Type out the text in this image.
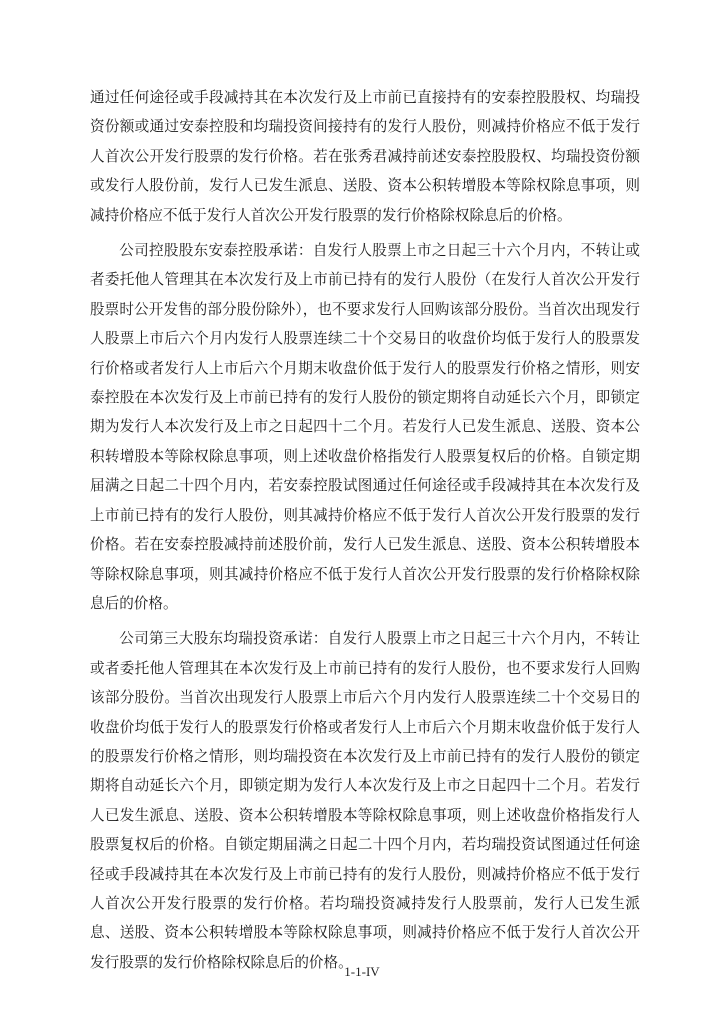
通过任何途径或手段减持其在本次发行及上市前已直接持有的安泰控股股权、均瑞投资份额或通过安泰控股和均瑞投资间接持有的发行人股份，则减持价格应不低于发行人首次公开发行股票的发行价格。若在张秀君减持前述安泰控股股权、均瑞投资份额或发行人股份前，发行人已发生派息、送股、资本公积转增股本等除权除息事项，则减持价格应不低于发行人首次公开发行股票的发行价格除权除息后的价格。

公司控股股东安泰控股承诺：自发行人股票上市之日起三十六个月内，不转让或者委托他人管理其在本次发行及上市前已持有的发行人股份（在发行人首次公开发行股票时公开发售的部分股份除外），也不要求发行人回购该部分股份。当首次出现发行人股票上市后六个月内发行人股票连续二十个交易日的收盘价均低于发行人的股票发行价格或者发行人上市后六个月期末收盘价低于发行人的股票发行价格之情形，则安泰控股在本次发行及上市前已持有的发行人股份的锁定期将自动延长六个月，即锁定期为发行人本次发行及上市之日起四十二个月。若发行人已发生派息、送股、资本公积转增股本等除权除息事项，则上述收盘价格指发行人股票复权后的价格。自锁定期届满之日起二十四个月内，若安泰控股试图通过任何途径或手段减持其在本次发行及上市前已持有的发行人股份，则其减持价格应不低于发行人首次公开发行股票的发行价格。若在安泰控股减持前述股价前，发行人已发生派息、送股、资本公积转增股本等除权除息事项，则其减持价格应不低于发行人首次公开发行股票的发行价格除权除息后的价格。

公司第三大股东均瑞投资承诺：自发行人股票上市之日起三十六个月内，不转让或者委托他人管理其在本次发行及上市前已持有的发行人股份，也不要求发行人回购该部分股份。当首次出现发行人股票上市后六个月内发行人股票连续二十个交易日的收盘价均低于发行人的股票发行价格或者发行人上市后六个月期末收盘价低于发行人的股票发行价格之情形，则均瑞投资在本次发行及上市前已持有的发行人股份的锁定期将自动延长六个月，即锁定期为发行人本次发行及上市之日起四十二个月。若发行人已发生派息、送股、资本公积转增股本等除权除息事项，则上述收盘价格指发行人股票复权后的价格。自锁定期届满之日起二十四个月内，若均瑞投资试图通过任何途径或手段减持其在本次发行及上市前已持有的发行人股份，则减持价格应不低于发行人首次公开发行股票的发行价格。若均瑞投资减持发行人股票前，发行人已发生派息、送股、资本公积转增股本等除权除息事项，则减持价格应不低于发行人首次公开发行股票的发行价格除权除息后的价格。

1-1-IV
